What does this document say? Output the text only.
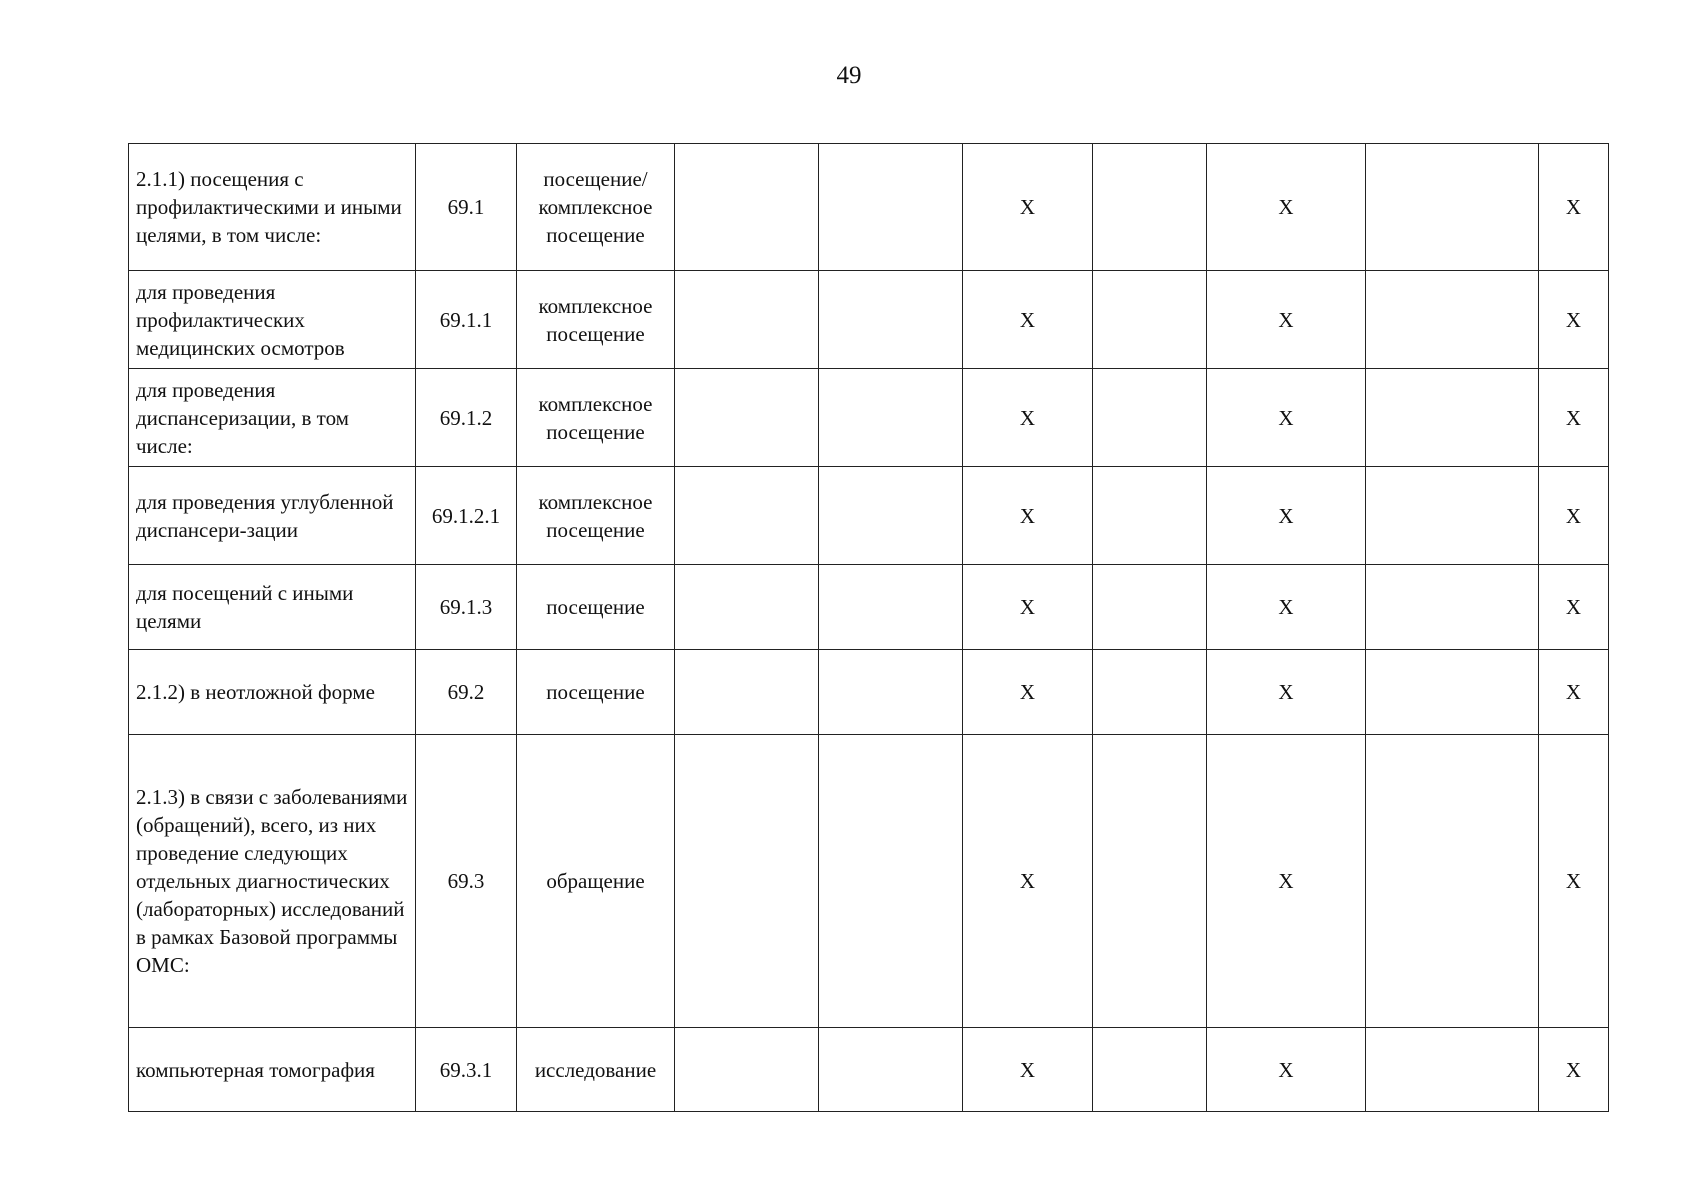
49
2.1.1) посещения с профилактическими и иными целями, в том числе:	69.1	посещение/ комплексное посещение			X		X		X
для проведения профилактических медицинских осмотров	69.1.1	комплексное посещение			X		X		X
для проведения диспансеризации, в том числе:	69.1.2	комплексное посещение			X		X		X
для проведения углубленной диспансери-зации	69.1.2.1	комплексное посещение			X		X		X
для посещений с иными целями	69.1.3	посещение			X		X		X
2.1.2) в неотложной форме	69.2	посещение			X		X		X
2.1.3) в связи с заболеваниями (обращений), всего, из них проведение следующих отдельных диагностических (лабораторных) исследований в рамках Базовой программы ОМС:	69.3	обращение			X		X		X
компьютерная томография	69.3.1	исследование			X		X		X
